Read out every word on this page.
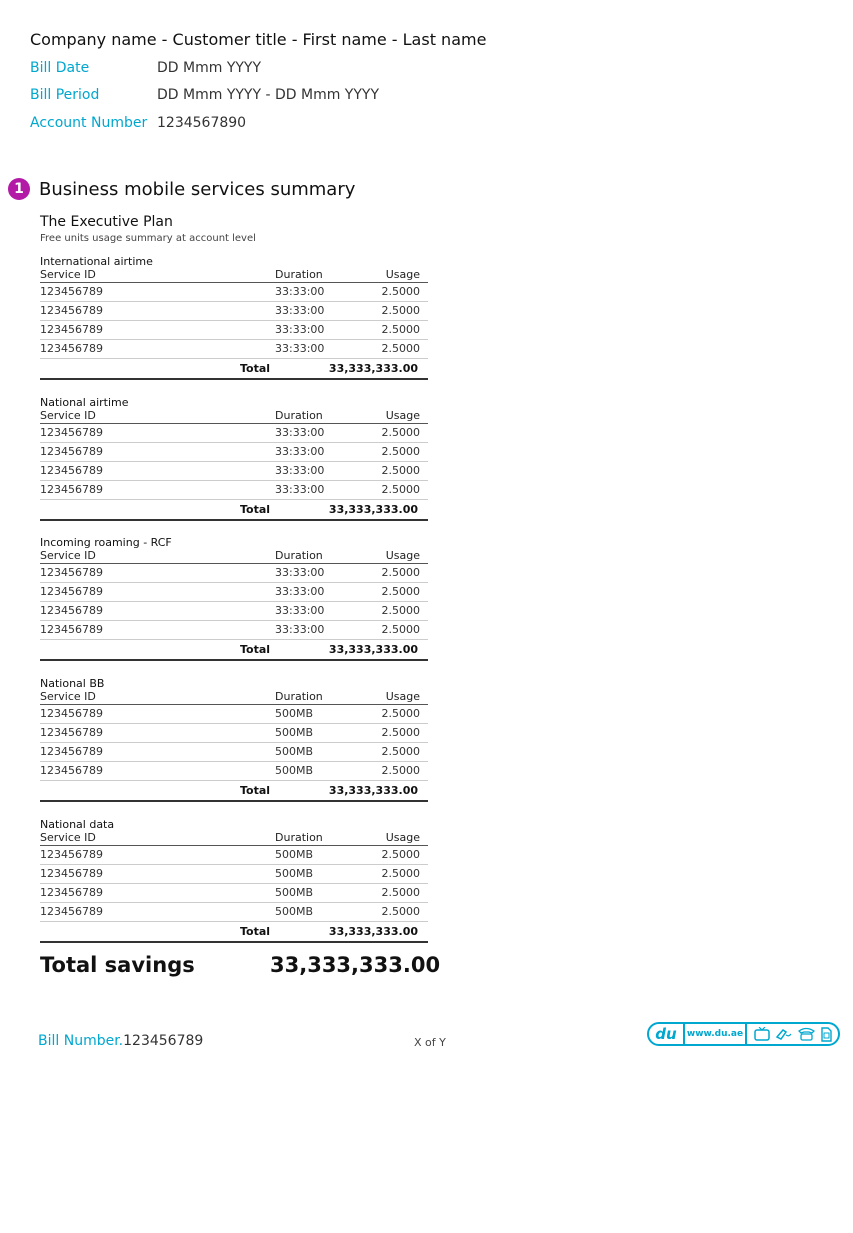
Company name - Customer title - First name - Last name
Bill Date	DD Mmm YYYY
Bill Period	DD Mmm YYYY - DD Mmm YYYY
Account Number 1234567890
1 Business mobile services summary
The Executive Plan
Free units usage summary at account level
International airtime
Service ID	Duration	Usage
123456789	33:33:00	2.5000
123456789	33:33:00	2.5000
123456789	33:33:00	2.5000
123456789	33:33:00	2.5000
Total	33,333,333.00
National airtime
Service ID	Duration	Usage
123456789	33:33:00	2.5000
123456789	33:33:00	2.5000
123456789	33:33:00	2.5000
123456789	33:33:00	2.5000
Total	33,333,333.00
Incoming roaming - RCF
Service ID	Duration	Usage
123456789	33:33:00	2.5000
123456789	33:33:00	2.5000
123456789	33:33:00	2.5000
123456789	33:33:00	2.5000
Total	33,333,333.00
National BB
Service ID	Duration	Usage
123456789	500MB	2.5000
123456789	500MB	2.5000
123456789	500MB	2.5000
123456789	500MB	2.5000
Total	33,333,333.00
National data
Service ID	Duration	Usage
123456789	500MB	2.5000
123456789	500MB	2.5000
123456789	500MB	2.5000
123456789	500MB	2.5000
Total	33,333,333.00
Total savings	33,333,333.00
Bill Number.123456789	X of Y	du	www.du.ae
